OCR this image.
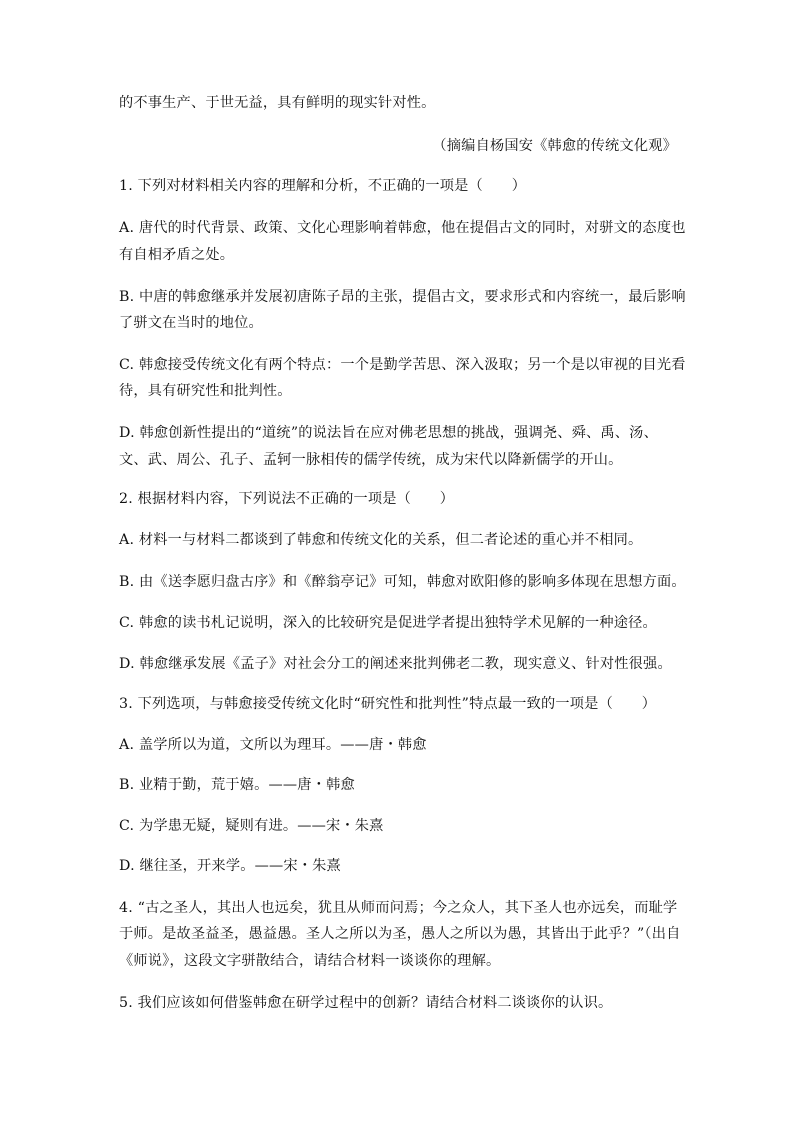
的不事生产、于世无益，具有鲜明的现实针对性。
（摘编自杨国安《韩愈的传统文化观》
1. 下列对材料相关内容的理解和分析，不正确的一项是（　　）
A. 唐代的时代背景、政策、文化心理影响着韩愈，他在提倡古文的同时，对骈文的态度也
有自相矛盾之处。
B. 中唐的韩愈继承并发展初唐陈子昂的主张，提倡古文，要求形式和内容统一，最后影响
了骈文在当时的地位。
C. 韩愈接受传统文化有两个特点：一个是勤学苦思、深入汲取；另一个是以审视的目光看
待，具有研究性和批判性。
D. 韩愈创新性提出的“道统”的说法旨在应对佛老思想的挑战，强调尧、舜、禹、汤、
文、武、周公、孔子、孟轲一脉相传的儒学传统，成为宋代以降新儒学的开山。
2. 根据材料内容，下列说法不正确的一项是（　　）
A. 材料一与材料二都谈到了韩愈和传统文化的关系，但二者论述的重心并不相同。
B. 由《送李愿归盘古序》和《醉翁亭记》可知，韩愈对欧阳修的影响多体现在思想方面。
C. 韩愈的读书札记说明，深入的比较研究是促进学者提出独特学术见解的一种途径。
D. 韩愈继承发展《孟子》对社会分工的阐述来批判佛老二教，现实意义、针对性很强。
3. 下列选项，与韩愈接受传统文化时“研究性和批判性”特点最一致的一项是（　　）
A. 盖学所以为道，文所以为理耳。——唐・韩愈
B. 业精于勤，荒于嬉。——唐・韩愈
C. 为学患无疑，疑则有进。——宋・朱熹
D. 继往圣，开来学。——宋・朱熹
4. “古之圣人，其出人也远矣，犹且从师而问焉；今之众人，其下圣人也亦远矣，而耻学
于师。是故圣益圣，愚益愚。圣人之所以为圣，愚人之所以为愚，其皆出于此乎？”（出自
《师说》，这段文字骈散结合，请结合材料一谈谈你的理解。
5. 我们应该如何借鉴韩愈在研学过程中的创新？请结合材料二谈谈你的认识。
